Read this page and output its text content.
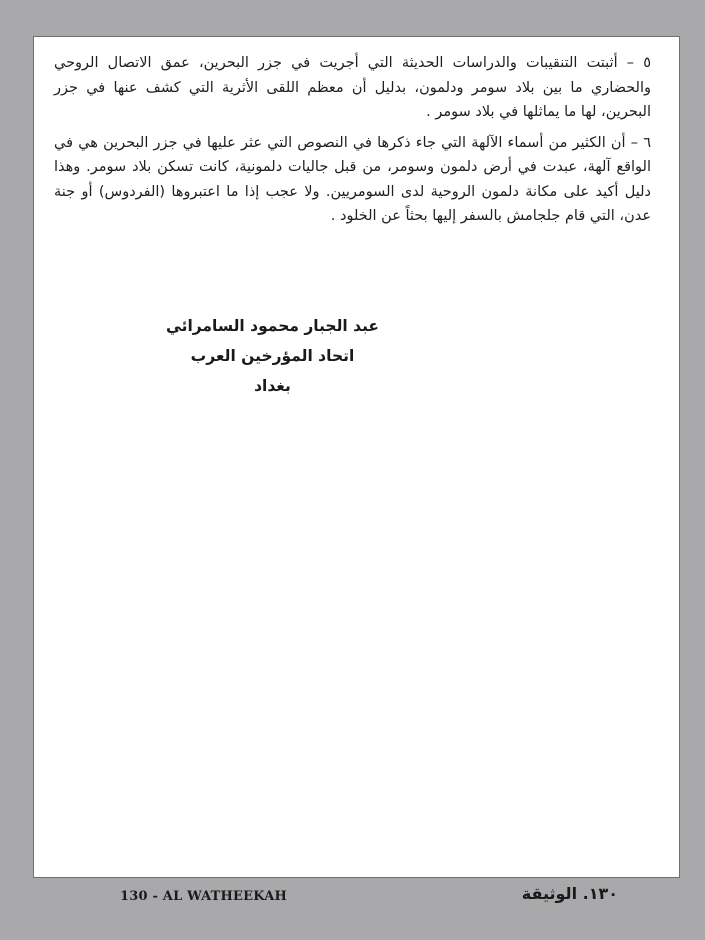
٥ – أثبتت التنقيبات والدراسات الحديثة التي أجريت في جزر البحرين، عمق الاتصال الروحي والحضاري ما بين بلاد سومر ودلمون، بدليل أن معظم اللقى الأثرية التي كشف عنها في جزر البحرين، لها ما يماثلها في بلاد سومر .

٦ – أن الكثير من أسماء الآلهة التي جاء ذكرها في النصوص التي عثر عليها في جزر البحرين هي في الواقع آلهة، عبدت في أرض دلمون وسومر، من قبل جاليات دلمونية، كانت تسكن بلاد سومر. وهذا دليل أكيد على مكانة دلمون الروحية لدى السومريين. ولا عجب إذا ما اعتبروها (الفردوس) أو جنة عدن، التي قام جلجامش بالسفر إليها بحثاً عن الخلود .

عبد الجبار محمود السامرائي
اتحاد المؤرخين العرب
بغداد
130 - AL WATHEEKAH	١٣٠. الوثيقة
